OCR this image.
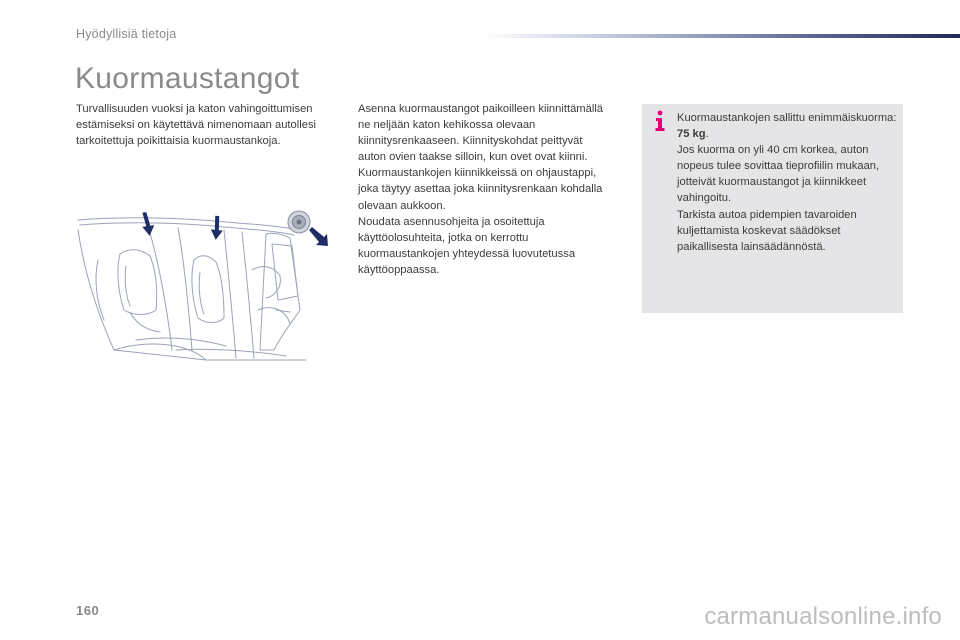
Hyödyllisiä tietoja
Kuormaustangot

Turvallisuuden vuoksi ja katon vahingoittumisen estämiseksi on käytettävä nimenomaan autollesi tarkoitettuja poikittaisia kuormaustankoja.

Asenna kuormaustangot paikoilleen kiinnittämällä ne neljään katon kehikossa olevaan kiinnitysrenkaaseen. Kiinnityskohdat peittyvät auton ovien taakse silloin, kun ovet ovat kiinni.

Kuormaustankojen kiinnikkeissä on ohjaustappi, joka täytyy asettaa joka kiinnitysrenkaan kohdalla olevaan aukkoon.

Noudata asennusohjeita ja osoitettuja käyttöolosuhteita, jotka on kerrottu kuormaustankojen yhteydessä luovutetussa käyttöoppaassa.

Kuormaustankojen sallittu enimmäiskuorma: 75 kg.

Jos kuorma on yli 40 cm korkea, auton nopeus tulee sovittaa tieprofiilin mukaan, jotteivät kuormaustangot ja kiinnikkeet vahingoitu.

Tarkista autoa pidempien tavaroiden kuljettamista koskevat säädökset paikallisesta lainsäädännöstä.

160	carmanualsonline.info
